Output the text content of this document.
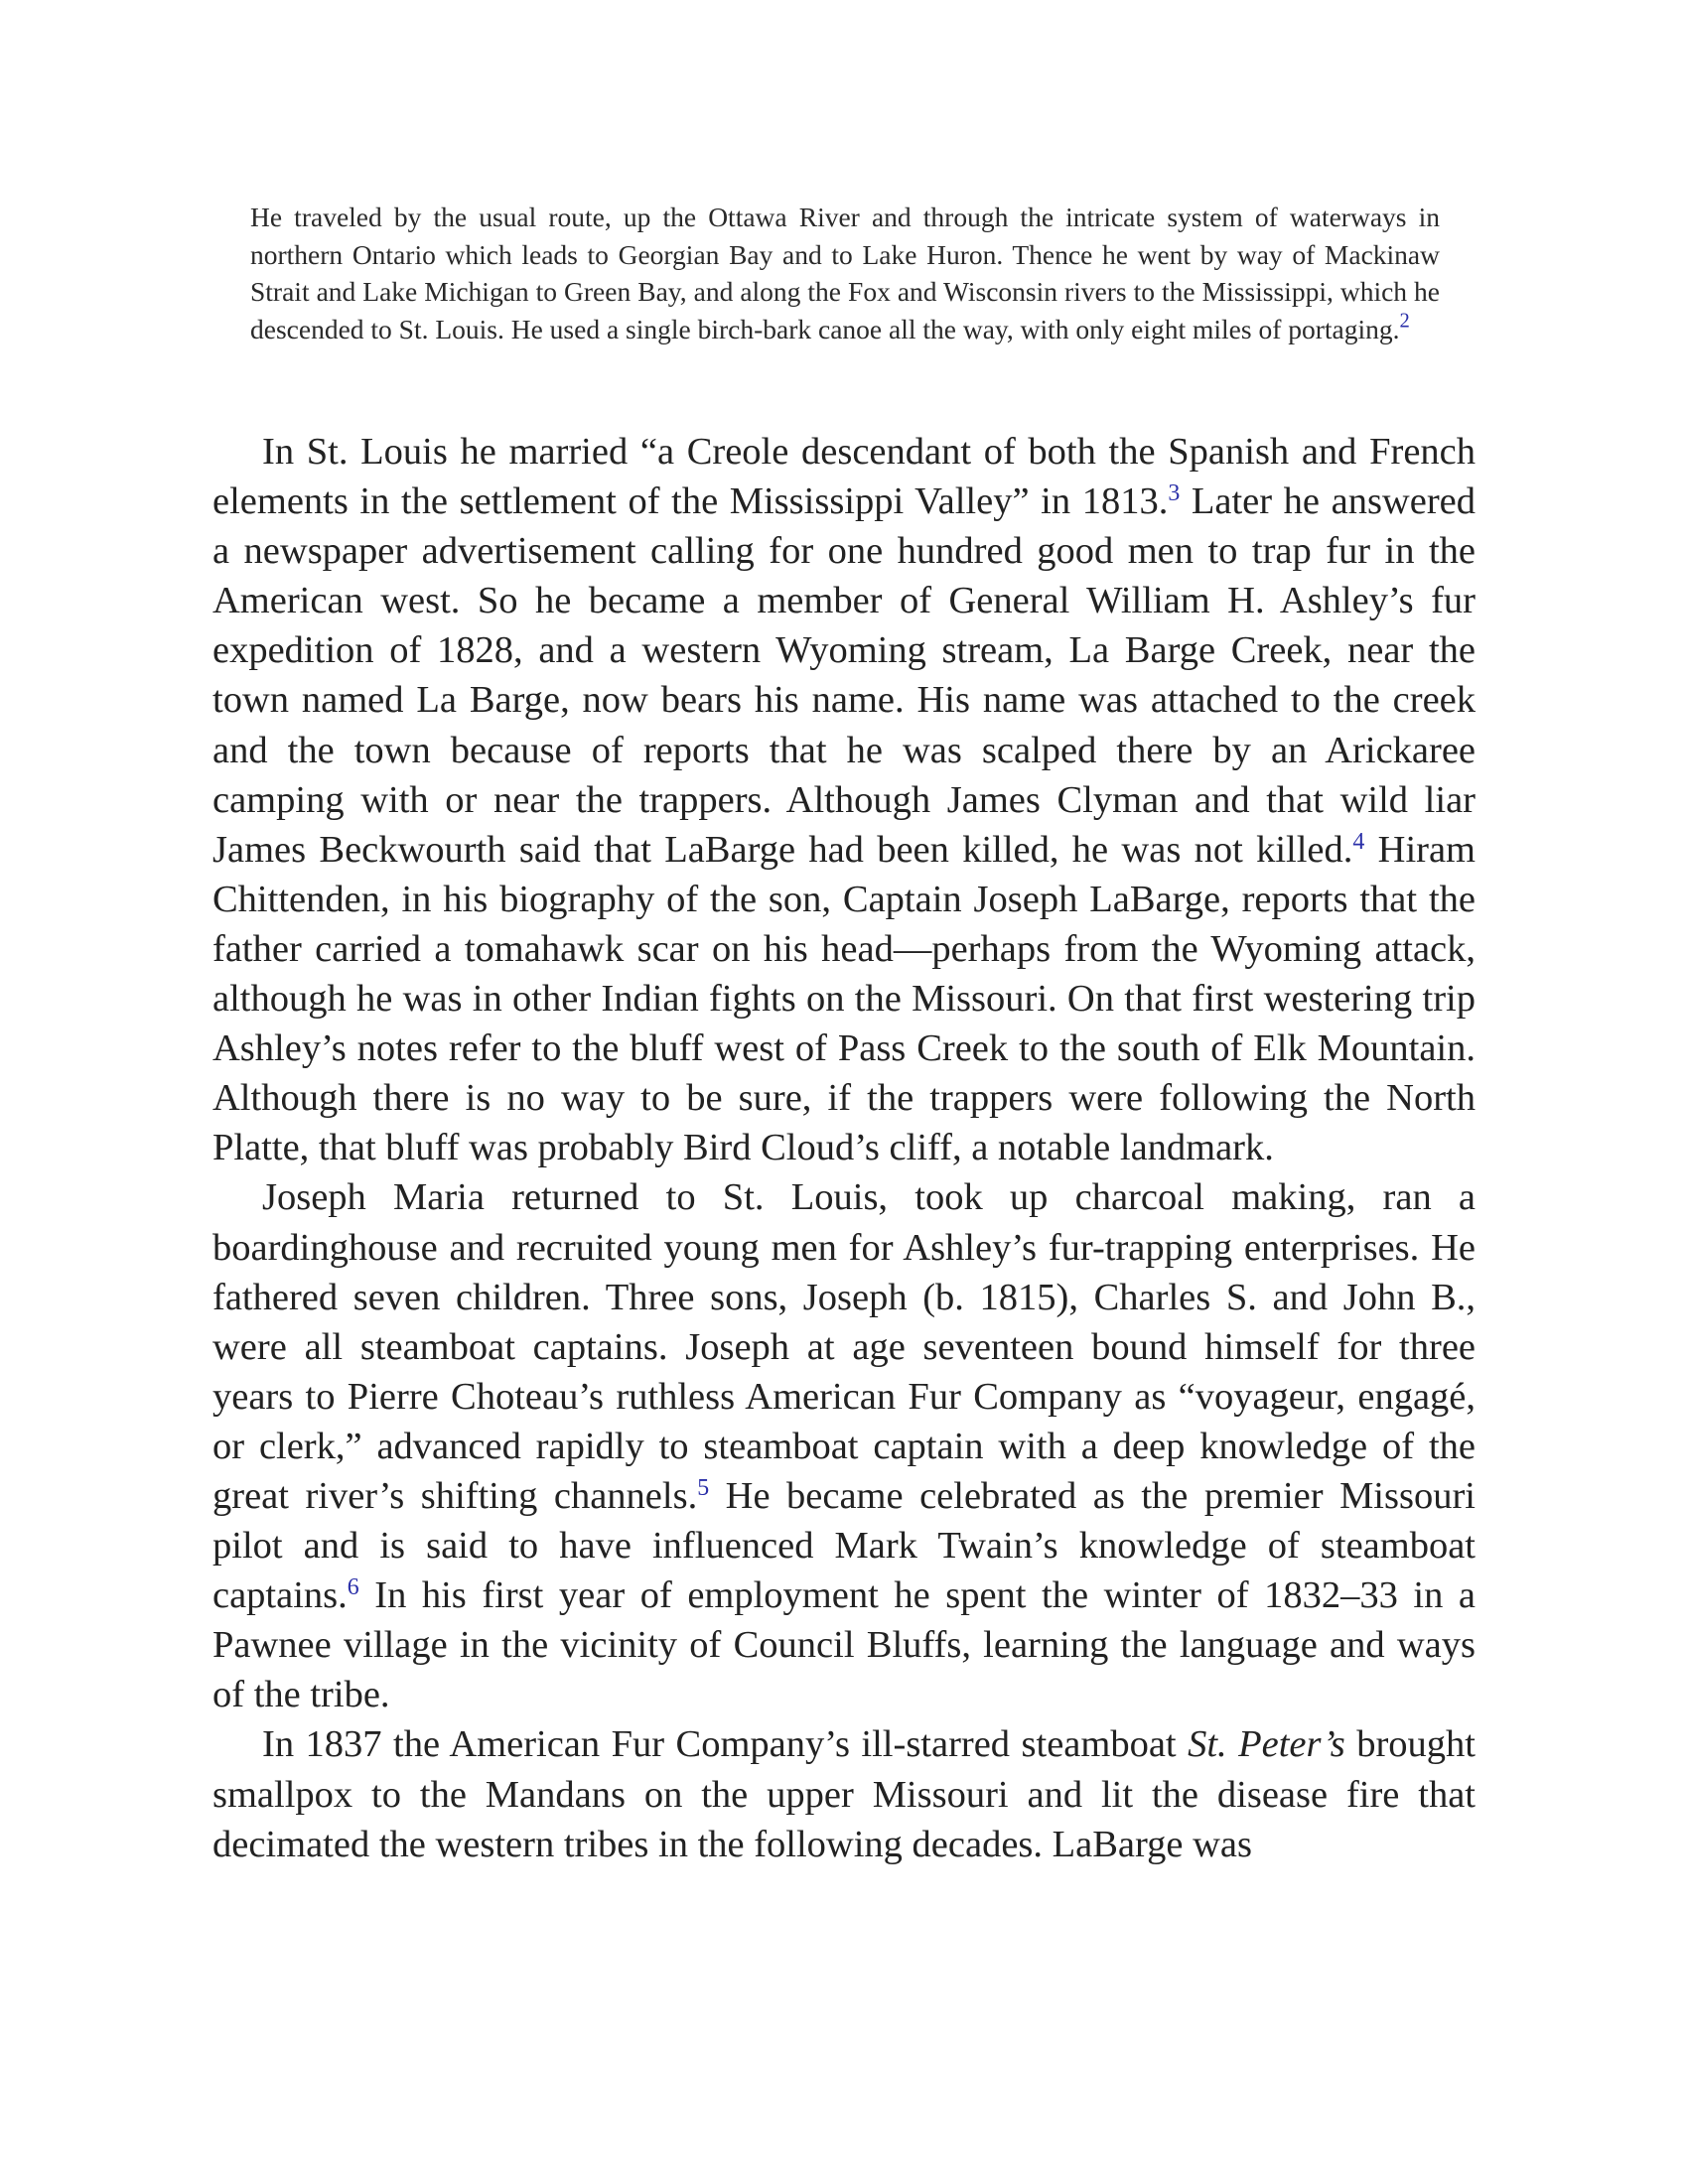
He traveled by the usual route, up the Ottawa River and through the intricate system of waterways in northern Ontario which leads to Georgian Bay and to Lake Huron. Thence he went by way of Mackinaw Strait and Lake Michigan to Green Bay, and along the Fox and Wisconsin rivers to the Mississippi, which he descended to St. Louis. He used a single birch-bark canoe all the way, with only eight miles of portaging.$^2$

In St. Louis he married “a Creole descendant of both the Spanish and French elements in the settlement of the Mississippi Valley” in 1813.$^3$ Later he answered a newspaper advertisement calling for one hundred good men to trap fur in the American west. So he became a member of General William H. Ashley’s fur expedition of 1828, and a western Wyoming stream, La Barge Creek, near the town named La Barge, now bears his name. His name was attached to the creek and the town because of reports that he was scalped there by an Arickaree camping with or near the trappers. Although James Clyman and that wild liar James Beckwourth said that LaBarge had been killed, he was not killed.$^4$ Hiram Chittenden, in his biography of the son, Captain Joseph LaBarge, reports that the father carried a tomahawk scar on his head—perhaps from the Wyoming attack, although he was in other Indian fights on the Missouri. On that first westering trip Ashley’s notes refer to the bluff west of Pass Creek to the south of Elk Mountain. Although there is no way to be sure, if the trappers were following the North Platte, that bluff was probably Bird Cloud’s cliff, a notable landmark.

Joseph Maria returned to St. Louis, took up charcoal making, ran a boardinghouse and recruited young men for Ashley’s fur-trapping enterprises. He fathered seven children. Three sons, Joseph (b. 1815), Charles S. and John B., were all steamboat captains. Joseph at age seventeen bound himself for three years to Pierre Choteau’s ruthless American Fur Company as “voyageur, engagé, or clerk,” advanced rapidly to steamboat captain with a deep knowledge of the great river’s shifting channels.$^5$ He became celebrated as the premier Missouri pilot and is said to have influenced Mark Twain’s knowledge of steamboat captains.$^6$ In his first year of employment he spent the winter of 1832–33 in a Pawnee village in the vicinity of Council Bluffs, learning the language and ways of the tribe.

In 1837 the American Fur Company’s ill-starred steamboat St. Peter’s brought smallpox to the Mandans on the upper Missouri and lit the disease fire that decimated the western tribes in the following decades. LaBarge was
